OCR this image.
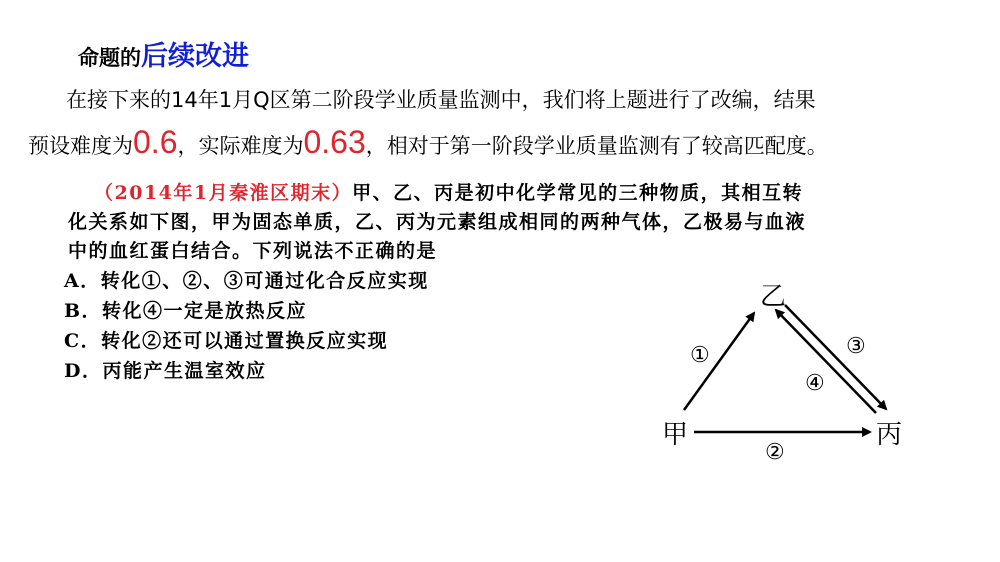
命题的 后续改进
在接下来的14年1月Q区第二阶段学业质量监测中，我们将上题进行了改编，结果
预设难度为0.6，实际难度为0.63，相对于第一阶段学业质量监测有了较高匹配度。
（2014年1月秦淮区期末）甲、乙、丙是初中化学常见的三种物质，其相互转
化关系如下图，甲为固态单质，乙、丙为元素组成相同的两种气体，乙极易与血液
中的血红蛋白结合。下列说法不正确的是
A．转化①、②、③可通过化合反应实现
B．转化④一定是放热反应
C．转化②还可以通过置换反应实现
D．丙能产生温室效应
乙
甲	丙
①	③
④
②
